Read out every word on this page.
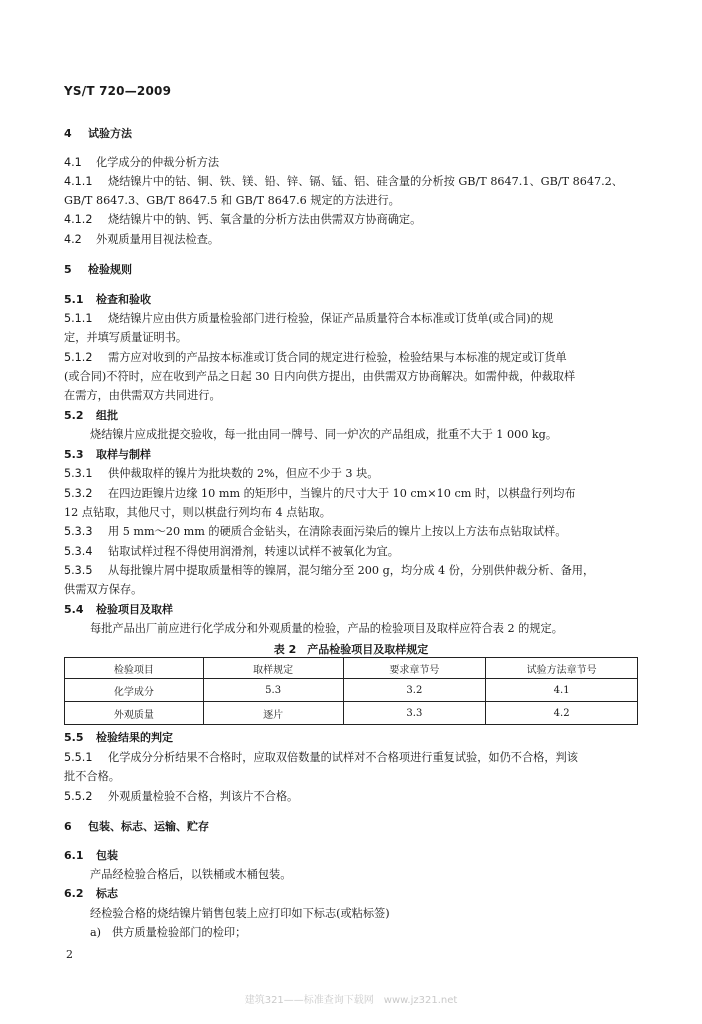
YS/T 720—2009
4 试验方法
4.1 化学成分的仲裁分析方法
4.1.1 烧结镍片中的钴、铜、铁、镁、铅、锌、镉、锰、铝、硅含量的分析按 GB/T 8647.1、GB/T 8647.2、
GB/T 8647.3、GB/T 8647.5 和 GB/T 8647.6 规定的方法进行。
4.1.2 烧结镍片中的钠、钙、氧含量的分析方法由供需双方协商确定。
4.2 外观质量用目视法检查。
5 检验规则
5.1 检查和验收
5.1.1 烧结镍片应由供方质量检验部门进行检验，保证产品质量符合本标准或订货单(或合同)的规
定，并填写质量证明书。
5.1.2 需方应对收到的产品按本标准或订货合同的规定进行检验，检验结果与本标准的规定或订货单
(或合同)不符时，应在收到产品之日起 30 日内向供方提出，由供需双方协商解决。如需仲裁，仲裁取样
在需方，由供需双方共同进行。
5.2 组批
烧结镍片应成批提交验收，每一批由同一牌号、同一炉次的产品组成，批重不大于 1 000 kg。
5.3 取样与制样
5.3.1 供仲裁取样的镍片为批块数的 2%，但应不少于 3 块。
5.3.2 在四边距镍片边缘 10 mm 的矩形中，当镍片的尺寸大于 10 cm×10 cm 时，以棋盘行列均布
12 点钻取，其他尺寸，则以棋盘行列均布 4 点钻取。
5.3.3 用 5 mm～20 mm 的硬质合金钻头，在清除表面污染后的镍片上按以上方法布点钻取试样。
5.3.4 钻取试样过程不得使用润滑剂，转速以试样不被氧化为宜。
5.3.5 从每批镍片屑中提取质量相等的镍屑，混匀缩分至 200 g，均分成 4 份，分别供仲裁分析、备用，
供需双方保存。
5.4 检验项目及取样
每批产品出厂前应进行化学成分和外观质量的检验，产品的检验项目及取样应符合表 2 的规定。
表 2　产品检验项目及取样规定
检验项目	取样规定	要求章节号	试验方法章节号
化学成分	5.3	3.2	4.1
外观质量	逐片	3.3	4.2
5.5 检验结果的判定
5.5.1 化学成分分析结果不合格时，应取双倍数量的试样对不合格项进行重复试验，如仍不合格，判该
批不合格。
5.5.2 外观质量检验不合格，判该片不合格。
6 包装、标志、运输、贮存
6.1 包装
产品经检验合格后，以铁桶或木桶包装。
6.2 标志
经检验合格的烧结镍片销售包装上应打印如下标志(或粘标签)
a) 供方质量检验部门的检印；
2
建筑321——标准查询下载网　www.jz321.net
